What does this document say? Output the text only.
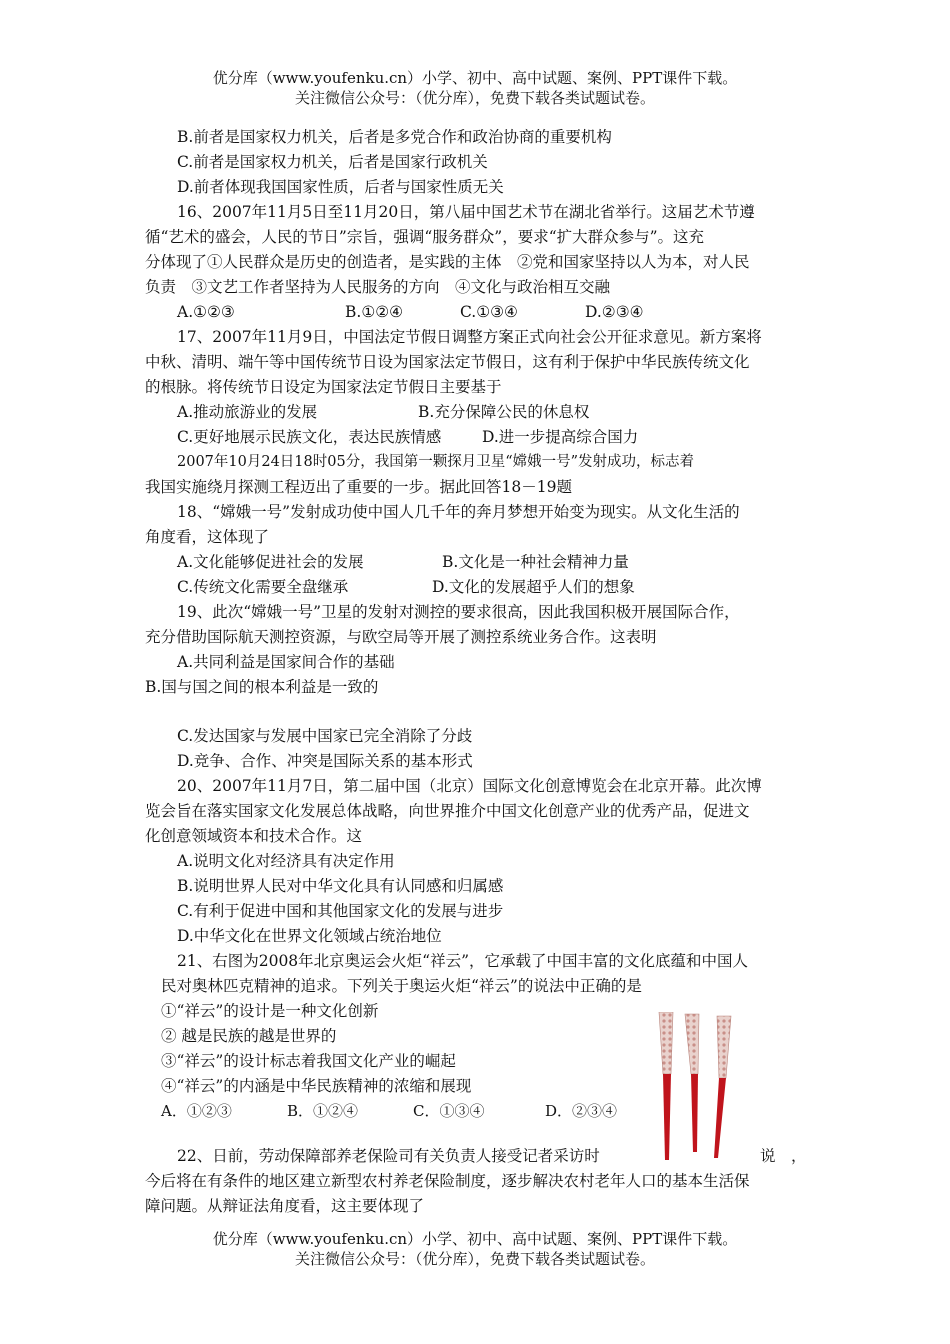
优分库（www.youfenku.cn）小学、初中、高中试题、案例、PPT课件下载。
关注微信公众号：（优分库），免费下载各类试题试卷。
B.前者是国家权力机关，后者是多党合作和政治协商的重要机构
C.前者是国家权力机关，后者是国家行政机关
D.前者体现我国国家性质，后者与国家性质无关
16、2007年11月5日至11月20日，第八届中国艺术节在湖北省举行。这届艺术节遵
循“艺术的盛会，人民的节日”宗旨，强调“服务群众”，要求“扩大群众参与”。这充
分体现了①人民群众是历史的创造者，是实践的主体　②党和国家坚持以人为本，对人民
负责　③文艺工作者坚持为人民服务的方向　④文化与政治相互交融
A.①②③	B.①②④	C.①③④	D.②③④
17、2007年11月9日，中国法定节假日调整方案正式向社会公开征求意见。新方案将
中秋、清明、端午等中国传统节日设为国家法定节假日，这有利于保护中华民族传统文化
的根脉。将传统节日设定为国家法定节假日主要基于
A.推动旅游业的发展	B.充分保障公民的休息权
C.更好地展示民族文化，表达民族情感	D.进一步提高综合国力
2007年10月24日18时05分，我国第一颗探月卫星“嫦娥一号”发射成功，标志着
我国实施绕月探测工程迈出了重要的一步。据此回答18－19题
18、“嫦娥一号”发射成功使中国人几千年的奔月梦想开始变为现实。从文化生活的
角度看，这体现了
A.文化能够促进社会的发展	B.文化是一种社会精神力量
C.传统文化需要全盘继承	D.文化的发展超乎人们的想象
19、此次“嫦娥一号”卫星的发射对测控的要求很高，因此我国积极开展国际合作，
充分借助国际航天测控资源，与欧空局等开展了测控系统业务合作。这表明
A.共同利益是国家间合作的基础
B.国与国之间的根本利益是一致的
C.发达国家与发展中国家已完全消除了分歧
D.竞争、合作、冲突是国际关系的基本形式
20、2007年11月7日，第二届中国（北京）国际文化创意博览会在北京开幕。此次博
览会旨在落实国家文化发展总体战略，向世界推介中国文化创意产业的优秀产品，促进文
化创意领域资本和技术合作。这
A.说明文化对经济具有决定作用
B.说明世界人民对中华文化具有认同感和归属感
C.有利于促进中国和其他国家文化的发展与进步
D.中华文化在世界文化领域占统治地位
21、右图为2008年北京奥运会火炬“祥云”，它承载了中国丰富的文化底蕴和中国人
民对奥林匹克精神的追求。下列关于奥运火炬“祥云”的说法中正确的是
①“祥云”的设计是一种文化创新
② 越是民族的越是世界的
③“祥云”的设计标志着我国文化产业的崛起
④“祥云”的内涵是中华民族精神的浓缩和展现
A．①②③	B．①②④	C．①③④	D．②③④
22、日前，劳动保障部养老保险司有关负责人接受记者采访时	说　，
今后将在有条件的地区建立新型农村养老保险制度，逐步解决农村老年人口的基本生活保
障问题。从辩证法角度看，这主要体现了
优分库（www.youfenku.cn）小学、初中、高中试题、案例、PPT课件下载。
关注微信公众号：（优分库），免费下载各类试题试卷。
